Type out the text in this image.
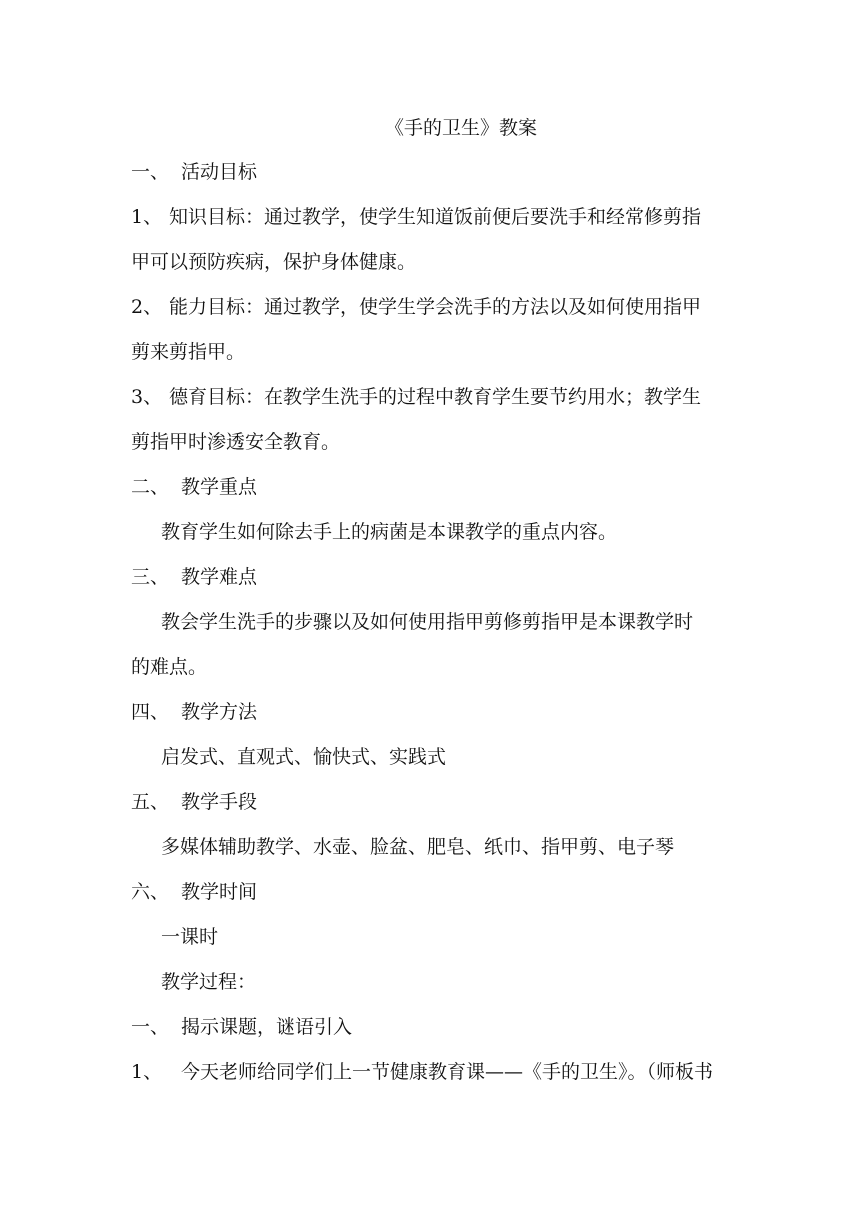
《手的卫生》教案
一、 活动目标
1、 知识目标：通过教学，使学生知道饭前便后要洗手和经常修剪指
甲可以预防疾病，保护身体健康。
2、 能力目标：通过教学，使学生学会洗手的方法以及如何使用指甲
剪来剪指甲。
3、 德育目标：在教学生洗手的过程中教育学生要节约用水；教学生
剪指甲时渗透安全教育。
二、 教学重点
教育学生如何除去手上的病菌是本课教学的重点内容。
三、 教学难点
教会学生洗手的步骤以及如何使用指甲剪修剪指甲是本课教学时
的难点。
四、 教学方法
启发式、直观式、愉快式、实践式
五、 教学手段
多媒体辅助教学、水壶、脸盆、肥皂、纸巾、指甲剪、电子琴
六、 教学时间
一课时
教学过程：
一、 揭示课题，谜语引入
1、 今天老师给同学们上一节健康教育课——《手的卫生》。（师板书
